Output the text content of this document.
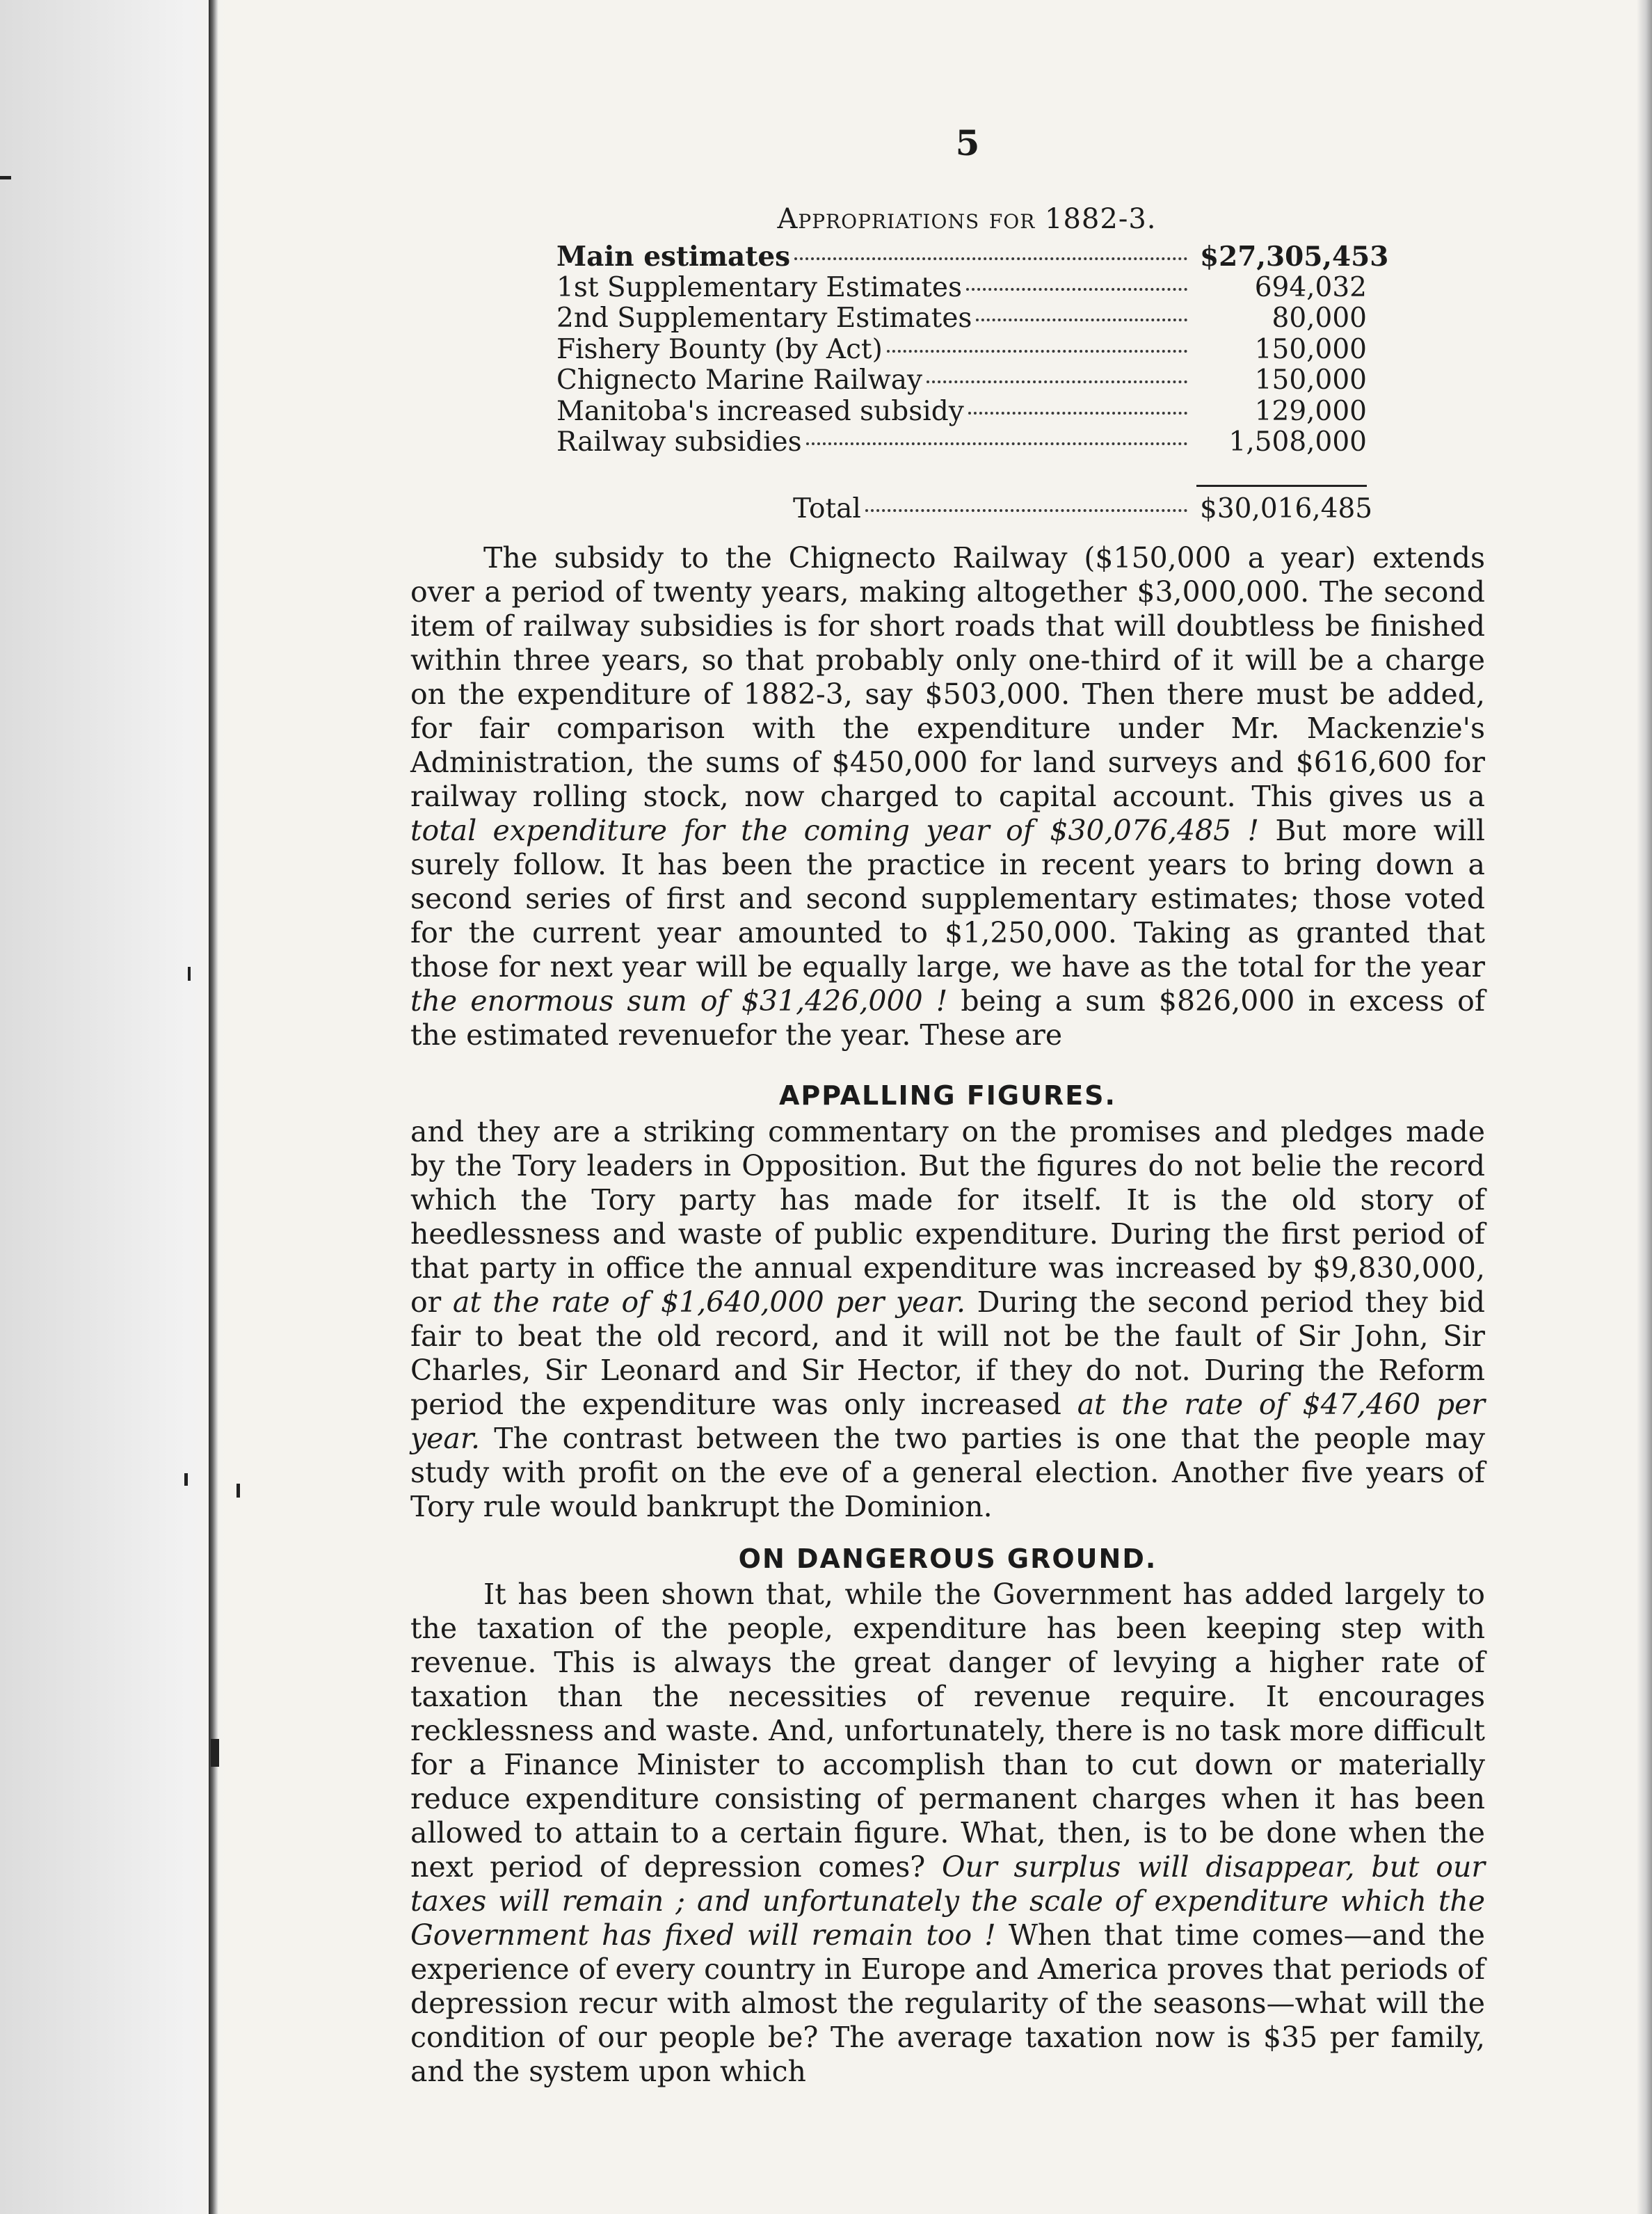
5
Appropriations for 1882-3.
Main estimates	$27,305,453
1st Supplementary Estimates	694,032
2nd Supplementary Estimates	80,000
Fishery Bounty (by Act)	150,000
Chignecto Marine Railway	150,000
Manitoba's increased subsidy	129,000
Railway subsidies	1,508,000
Total	$30,016,485

The subsidy to the Chignecto Railway ($150,000 a year) extends over a period of twenty years, making altogether $3,000,000. The second item of railway subsidies is for short roads that will doubtless be finished within three years, so that probably only one-third of it will be a charge on the expenditure of 1882-3, say $503,000. Then there must be added, for fair comparison with the expenditure under Mr. Mackenzie's Administration, the sums of $450,000 for land surveys and $616,600 for railway rolling stock, now charged to capital account. This gives us a total expenditure for the coming year of $30,076,485 ! But more will surely follow. It has been the practice in recent years to bring down a second series of first and second supplementary estimates; those voted for the current year amounted to $1,250,000. Taking as granted that those for next year will be equally large, we have as the total for the year the enormous sum of $31,426,000 ! being a sum $826,000 in excess of the estimated revenuefor the year. These are

APPALLING FIGURES.

and they are a striking commentary on the promises and pledges made by the Tory leaders in Opposition. But the figures do not belie the record which the Tory party has made for itself. It is the old story of heedlessness and waste of public expenditure. During the first period of that party in office the annual expenditure was increased by $9,830,000, or at the rate of $1,640,000 per year. During the second period they bid fair to beat the old record, and it will not be the fault of Sir John, Sir Charles, Sir Leonard and Sir Hector, if they do not. During the Reform period the expenditure was only increased at the rate of $47,460 per year. The contrast between the two parties is one that the people may study with profit on the eve of a general election. Another five years of Tory rule would bankrupt the Dominion.

ON DANGEROUS GROUND.

It has been shown that, while the Government has added largely to the taxation of the people, expenditure has been keeping step with revenue. This is always the great danger of levying a higher rate of taxation than the necessities of revenue require. It encourages recklessness and waste. And, unfortunately, there is no task more difficult for a Finance Minister to accomplish than to cut down or materially reduce expenditure consisting of permanent charges when it has been allowed to attain to a certain figure. What, then, is to be done when the next period of depression comes? Our surplus will disappear, but our taxes will remain ; and unfortunately the scale of expenditure which the Government has fixed will remain too ! When that time comes—and the experience of every country in Europe and America proves that periods of depression recur with almost the regularity of the seasons—what will the condition of our people be? The average taxation now is $35 per family, and the system upon which
